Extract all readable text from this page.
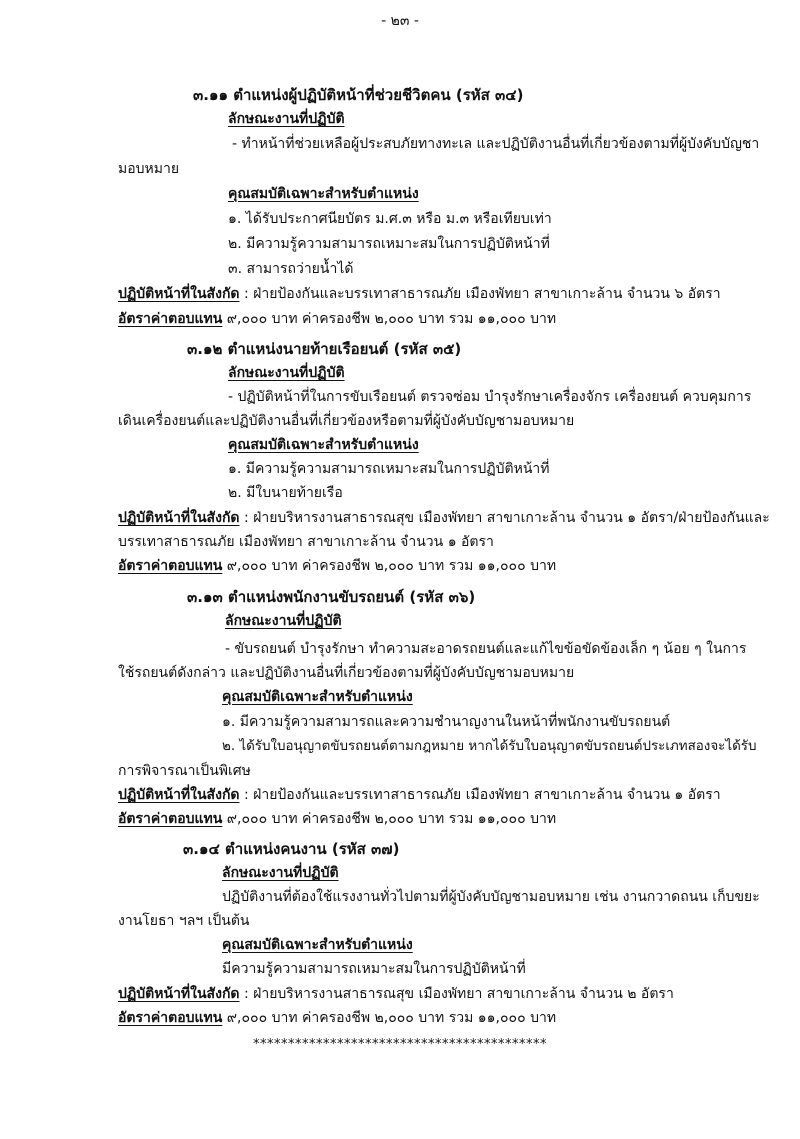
- ๒๓ -
๓.๑๑ ตำแหน่งผู้ปฏิบัติหน้าที่ช่วยชีวิตคน (รหัส ๓๔)
ลักษณะงานที่ปฏิบัติ
- ทำหน้าที่ช่วยเหลือผู้ประสบภัยทางทะเล และปฏิบัติงานอื่นที่เกี่ยวข้องตามที่ผู้บังคับบัญชา
มอบหมาย
คุณสมบัติเฉพาะสำหรับตำแหน่ง
๑. ได้รับประกาศนียบัตร ม.ศ.๓ หรือ ม.๓ หรือเทียบเท่า
๒. มีความรู้ความสามารถเหมาะสมในการปฏิบัติหน้าที่
๓. สามารถว่ายน้ำได้
ปฏิบัติหน้าที่ในสังกัด : ฝ่ายป้องกันและบรรเทาสาธารณภัย เมืองพัทยา สาขาเกาะล้าน จำนวน ๖ อัตรา
อัตราค่าตอบแทน ๙,๐๐๐ บาท ค่าครองชีพ ๒,๐๐๐ บาท รวม ๑๑,๐๐๐ บาท
๓.๑๒ ตำแหน่งนายท้ายเรือยนต์ (รหัส ๓๕)
ลักษณะงานที่ปฏิบัติ
- ปฏิบัติหน้าที่ในการขับเรือยนต์ ตรวจซ่อม บำรุงรักษาเครื่องจักร เครื่องยนต์ ควบคุมการ
เดินเครื่องยนต์และปฏิบัติงานอื่นที่เกี่ยวข้องหรือตามที่ผู้บังคับบัญชามอบหมาย
คุณสมบัติเฉพาะสำหรับตำแหน่ง
๑. มีความรู้ความสามารถเหมาะสมในการปฏิบัติหน้าที่
๒. มีใบนายท้ายเรือ
ปฏิบัติหน้าที่ในสังกัด : ฝ่ายบริหารงานสาธารณสุข เมืองพัทยา สาขาเกาะล้าน จำนวน ๑ อัตรา/ฝ่ายป้องกันและ
บรรเทาสาธารณภัย เมืองพัทยา สาขาเกาะล้าน จำนวน ๑ อัตรา
อัตราค่าตอบแทน ๙,๐๐๐ บาท ค่าครองชีพ ๒,๐๐๐ บาท รวม ๑๑,๐๐๐ บาท
๓.๑๓ ตำแหน่งพนักงานขับรถยนต์ (รหัส ๓๖)
ลักษณะงานที่ปฏิบัติ
- ขับรถยนต์ บำรุงรักษา ทำความสะอาดรถยนต์และแก้ไขข้อขัดข้องเล็ก ๆ น้อย ๆ ในการ
ใช้รถยนต์ดังกล่าว และปฏิบัติงานอื่นที่เกี่ยวข้องตามที่ผู้บังคับบัญชามอบหมาย
คุณสมบัติเฉพาะสำหรับตำแหน่ง
๑. มีความรู้ความสามารถและความชำนาญงานในหน้าที่พนักงานขับรถยนต์
๒. ได้รับใบอนุญาตขับรถยนต์ตามกฎหมาย หากได้รับใบอนุญาตขับรถยนต์ประเภทสองจะได้รับ
การพิจารณาเป็นพิเศษ
ปฏิบัติหน้าที่ในสังกัด : ฝ่ายป้องกันและบรรเทาสาธารณภัย เมืองพัทยา สาขาเกาะล้าน จำนวน ๑ อัตรา
อัตราค่าตอบแทน ๙,๐๐๐ บาท ค่าครองชีพ ๒,๐๐๐ บาท รวม ๑๑,๐๐๐ บาท
๓.๑๔ ตำแหน่งคนงาน (รหัส ๓๗)
ลักษณะงานที่ปฏิบัติ
ปฏิบัติงานที่ต้องใช้แรงงานทั่วไปตามที่ผู้บังคับบัญชามอบหมาย เช่น งานกวาดถนน เก็บขยะ
งานโยธา ฯลฯ เป็นต้น
คุณสมบัติเฉพาะสำหรับตำแหน่ง
มีความรู้ความสามารถเหมาะสมในการปฏิบัติหน้าที่
ปฏิบัติหน้าที่ในสังกัด : ฝ่ายบริหารงานสาธารณสุข เมืองพัทยา สาขาเกาะล้าน จำนวน ๒ อัตรา
อัตราค่าตอบแทน ๙,๐๐๐ บาท ค่าครองชีพ ๒,๐๐๐ บาท รวม ๑๑,๐๐๐ บาท
******************************************
